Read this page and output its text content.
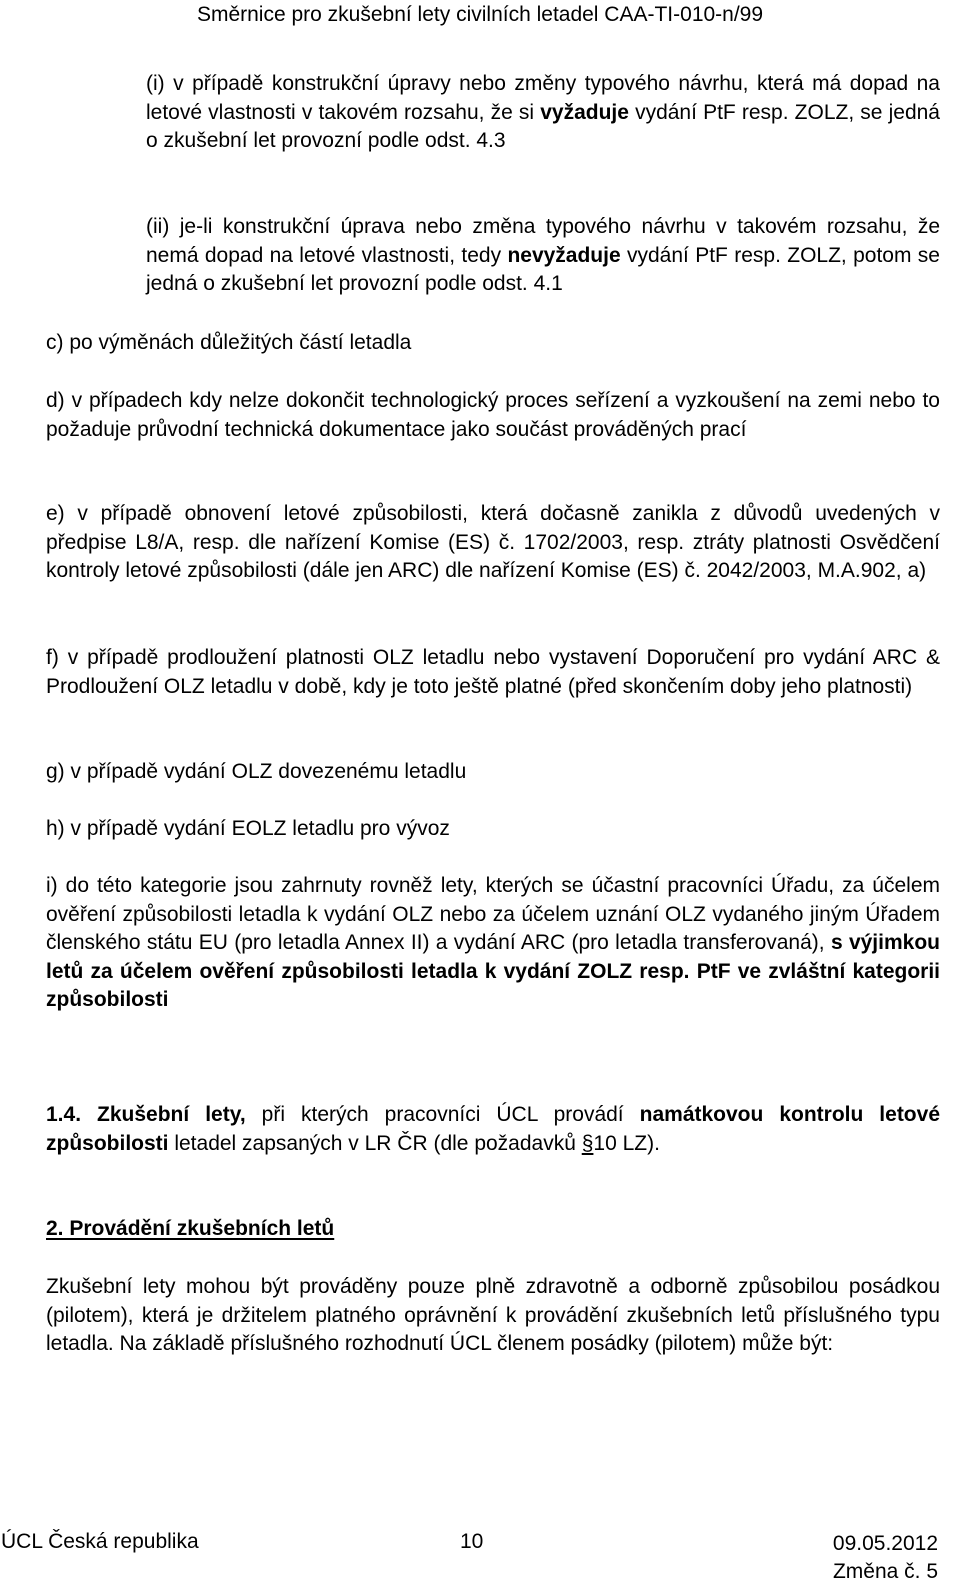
Směrnice pro zkušební lety civilních letadel CAA-TI-010-n/99

(i) v případě konstrukční úpravy nebo změny typového návrhu, která má dopad na letové vlastnosti v takovém rozsahu, že si vyžaduje vydání PtF resp. ZOLZ, se jedná o zkušební let provozní podle odst. 4.3

(ii) je-li konstrukční úprava nebo změna typového návrhu v takovém rozsahu, že nemá dopad na letové vlastnosti, tedy nevyžaduje vydání PtF resp. ZOLZ, potom se jedná o zkušební let provozní podle odst. 4.1

c) po výměnách důležitých částí letadla

d) v případech kdy nelze dokončit technologický proces seřízení a vyzkoušení na zemi nebo to požaduje průvodní technická dokumentace jako součást prováděných prací

e) v případě obnovení letové způsobilosti, která dočasně zanikla z důvodů uvedených v předpise L8/A, resp. dle nařízení Komise (ES) č. 1702/2003, resp. ztráty platnosti Osvědčení kontroly letové způsobilosti (dále jen ARC) dle nařízení Komise (ES) č. 2042/2003, M.A.902, a)

f) v případě prodloužení platnosti OLZ letadlu nebo vystavení Doporučení pro vydání ARC & Prodloužení OLZ letadlu v době, kdy je toto ještě platné (před skončením doby jeho platnosti)

g) v případě vydání OLZ dovezenému letadlu

h) v případě vydání EOLZ letadlu pro vývoz

i) do této kategorie jsou zahrnuty rovněž lety, kterých se účastní pracovníci Úřadu, za účelem ověření způsobilosti letadla k vydání OLZ nebo za účelem uznání OLZ vydaného jiným Úřadem členského státu EU (pro letadla Annex II) a vydání ARC (pro letadla transferovaná), s výjimkou letů za účelem ověření způsobilosti letadla k vydání ZOLZ resp. PtF ve zvláštní kategorii způsobilosti

1.4. Zkušební lety, při kterých pracovníci ÚCL provádí namátkovou kontrolu letové způsobilosti letadel zapsaných v LR ČR (dle požadavků §10 LZ).

2. Provádění zkušebních letů

Zkušební lety mohou být prováděny pouze plně zdravotně a odborně způsobilou posádkou (pilotem), která je držitelem platného oprávnění k provádění zkušebních letů příslušného typu letadla. Na základě příslušného rozhodnutí ÚCL členem posádky (pilotem) může být:

ÚCL Česká republika	10	09.05.2012
Změna č. 5
